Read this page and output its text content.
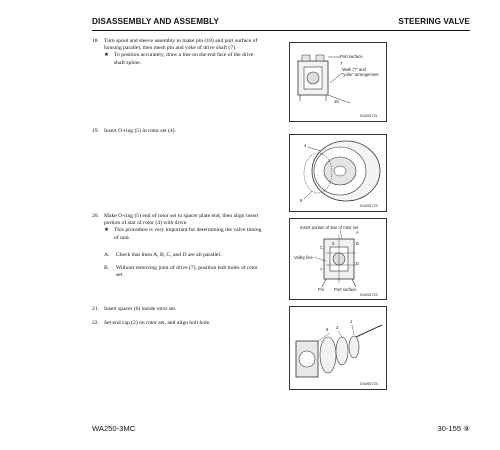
DISASSEMBLY AND ASSEMBLY	STEERING VALVE
18. Turn spool and sleeve assembly to make pin (18) and port surface of
housing parallel, then mesh pin and yoke of drive shaft (7).
★ To position accurately, draw a line on the end face of the drive
shaft spline.
Port surface
Mark (“/” and
“yoke” arrangement
7
18
DLW01721
19. Insert O-ring (5) in rotor set (4).
4
5
DLW01722
20. Make O-ring (5) end of rotor set to spacer plate end, then align insert
portion of star of rotor (4) with drive.
★ This procedure is very important for determining the valve timing
of unit.
A. Check that lines A, B, C, and D are all parallel.
B. Without removing joint of drive (7), position bolt holes of rotor
set.
Insert portion of star of rotor set
A
B
C
D
4
7
Valley line
Pin Port surface
DLW01723
21. Insert spacer (6) inside rotor set.
22. Set end cap (2) on rotor set, and align bolt hole.
6 2
1
DLW01724
WA250-3MC	30-155 ⑨
